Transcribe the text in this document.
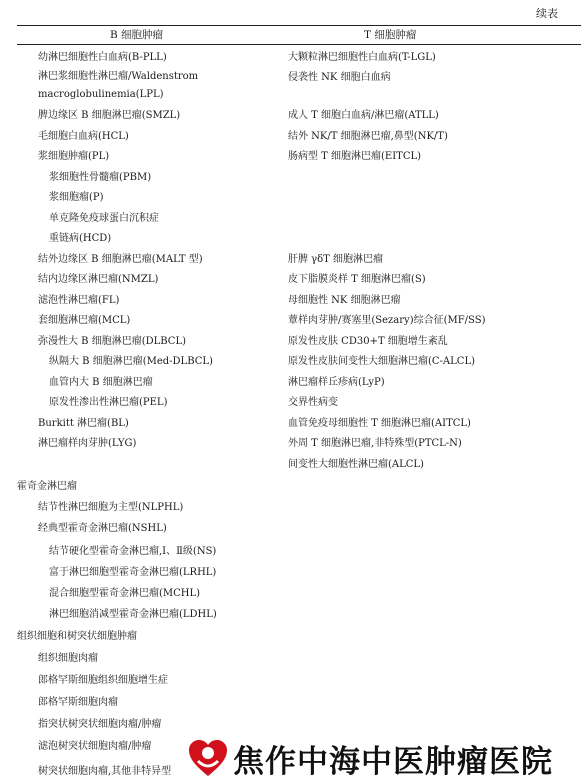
续表
B 细胞肿瘤	T 细胞肿瘤
幼淋巴细胞性白血病(B-PLL)
淋巴浆细胞性淋巴瘤/Waldenstrom macroglobulinemia(LPL)
脾边缘区 B 细胞淋巴瘤(SMZL)
毛细胞白血病(HCL)
浆细胞肿瘤(PL)
浆细胞性骨髓瘤(PBM)
浆细胞瘤(P)
单克隆免疫球蛋白沉积症
重链病(HCD)
结外边缘区 B 细胞淋巴瘤(MALT 型)
结内边缘区淋巴瘤(NMZL)
滤泡性淋巴瘤(FL)
套细胞淋巴瘤(MCL)
弥漫性大 B 细胞淋巴瘤(DLBCL)
纵隔大 B 细胞淋巴瘤(Med-DLBCL)
血管内大 B 细胞淋巴瘤
原发性渗出性淋巴瘤(PEL)
Burkitt 淋巴瘤(BL)
淋巴瘤样肉芽肿(LYG)
大颗粒淋巴细胞性白血病(T-LGL)
侵袭性 NK 细胞白血病
成人 T 细胞白血病/淋巴瘤(ATLL)
结外 NK/T 细胞淋巴瘤,鼻型(NK/T)
肠病型 T 细胞淋巴瘤(EITCL)
肝脾 γδT 细胞淋巴瘤
皮下脂膜炎样 T 细胞淋巴瘤(S)
母细胞性 NK 细胞淋巴瘤
蕈样肉芽肿/赛塞里(Sezary)综合征(MF/SS)
原发性皮肤 CD30+T 细胞增生紊乱
原发性皮肤间变性大细胞淋巴瘤(C-ALCL)
淋巴瘤样丘疹病(LyP)
交界性病变
血管免疫母细胞性 T 细胞淋巴瘤(AITCL)
外周 T 细胞淋巴瘤,非特殊型(PTCL-N)
间变性大细胞性淋巴瘤(ALCL)
霍奇金淋巴瘤
结节性淋巴细胞为主型(NLPHL)
经典型霍奇金淋巴瘤(NSHL)
结节硬化型霍奇金淋巴瘤,Ⅰ、Ⅱ级(NS)
富于淋巴细胞型霍奇金淋巴瘤(LRHL)
混合细胞型霍奇金淋巴瘤(MCHL)
淋巴细胞消减型霍奇金淋巴瘤(LDHL)
组织细胞和树突状细胞肿瘤
组织细胞肉瘤
郎格罕斯细胞组织细胞增生症
郎格罕斯细胞肉瘤
指突状树突状细胞肉瘤/肿瘤
滤泡树突状细胞肉瘤/肿瘤
树突状细胞肉瘤,其他非特异型 焦作中海中医肿瘤医院
